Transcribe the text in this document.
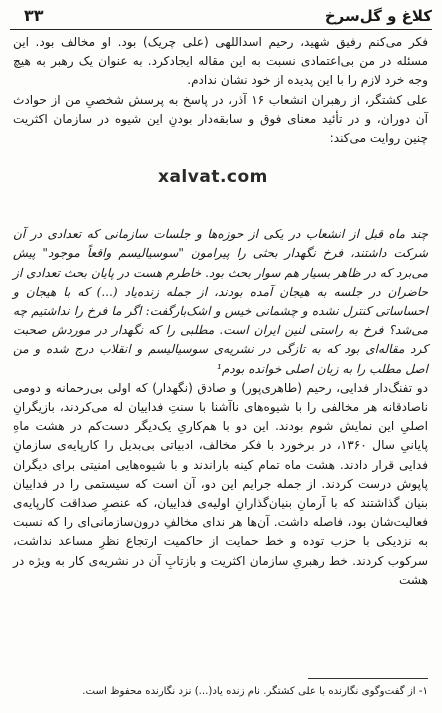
کلاغ و گل‌سرخ
۳۳

فکر می‌کنم رفیق شهید، رحیم اسداللهی (علی چریک) بود. او مخالف بود. این مسئله در من بی‌اعتمادی نسبت به این مقاله ایجادکرد. به عنوان یک رهبر به هیچ وجه خرد لازم را با این پدیده از خود نشان ندادم.

علی کشتگر، از رهبران انشعاب ۱۶ آذر، در پاسخ به پرسش شخصیِ من از حوادث آن دوران، و در تأئید معنای فوق و سابقه‌دار بودنِ این شیوه در سازمان اکثریت چنین روایت می‌کند:

چند ماه قبل از انشعاب در یکی از حوزه‌ها و جلسات سازمانی که تعدادی در آن شرکت داشتند، فرخ نگهدار بحثی را پیرامون "سوسیالیسم واقعاً موجود" پیش می‌برد که در ظاهر بسیار هم سوار بحث بود. خاطرم هست در پایان بحث تعدادی از حاضران در جلسه به هیجان آمده بودند، از جمله زنده‌یاد (...) که با هیجان و احساساتی کنترل نشده و چشمانی خیس و اشک‌بارگفت: اگر ما فرخ را نداشتیم چه می‌شد؟ فرخ به راستی لنین ایران است. مطلبی را که نگهدار در موردش صحبت کرد مقاله‌ای بود که به تازگی در نشریه‌ی سوسیالیسم و انقلاب درج شده و من اصل مطلب را به زبان اصلی خوانده بودم¹

دو تفنگ‌دار فدایی، رحیم (طاهری‌پور) و صادق (نگهدار) که اولی بی‌رحمانه و دومی ناصادقانه هر مخالفی را با شیوه‌های ناآشنا با سنتِ فداییان له می‌کردند، بازیگرانِ اصلیِ این نمایش شوم بودند. این دو با هم‌کاریِ یک‌دیگر دست‌کم در هشت ماهِ پایانیِ سال ۱۳۶۰، در برخورد با فکر مخالف، ادبیاتی بی‌بدیل را کارپایه‌ی سازمانِ فدایی قرار دادند. هشت ماه تمام کینه باراندند و با شیوه‌هایی امنیتی برای دیگران پاپوش درست کردند. از جمله جرایم این دو، آن است که سیستمی را در فداییان بنیان گذاشتند که با آرمانِ بنیان‌گذارانِ اولیه‌ی فداییان، که عنصرِ صداقت کارپایه‌ی فعالیت‌شان بود، فاصله داشت. آن‌ها هر ندای مخالفِ درون‌سازمانی‌ای را که نسبت به نزدیکی با حزب توده و خط حمایت از حاکمیت ارتجاع نظرِ مساعد نداشت، سرکوب کردند. خط رهبریِ سازمان اکثریت و بازتابِ آن در نشریه‌ی کار به ویژه در هشت

xalvat.com
۱- از گفت‌وگوی نگارنده با علی کشتگر. نام زنده یاد(...) نزد نگارنده محفوظ است.
